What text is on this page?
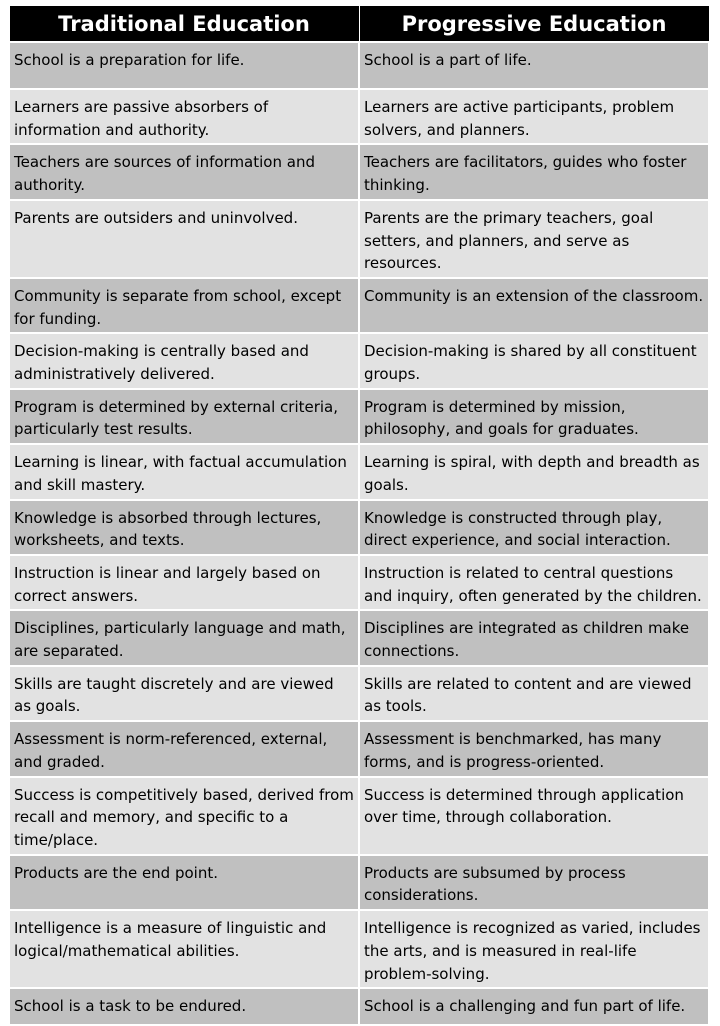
Traditional Education	Progressive Education
School is a preparation for life.	School is a part of life.
Learners are passive absorbers of information and authority.	Learners are active participants, problem solvers, and planners.
Teachers are sources of information and authority.	Teachers are facilitators, guides who foster thinking.
Parents are outsiders and uninvolved.	Parents are the primary teachers, goal setters, and planners, and serve as resources.
Community is separate from school, except for funding.	Community is an extension of the classroom.
Decision-making is centrally based and administratively delivered.	Decision-making is shared by all constituent groups.
Program is determined by external criteria, particularly test results.	Program is determined by mission, philosophy, and goals for graduates.
Learning is linear, with factual accumulation and skill mastery.	Learning is spiral, with depth and breadth as goals.
Knowledge is absorbed through lectures, worksheets, and texts.	Knowledge is constructed through play, direct experience, and social interaction.
Instruction is linear and largely based on correct answers.	Instruction is related to central questions and inquiry, often generated by the children.
Disciplines, particularly language and math, are separated.	Disciplines are integrated as children make connections.
Skills are taught discretely and are viewed as goals.	Skills are related to content and are viewed as tools.
Assessment is norm-referenced, external, and graded.	Assessment is benchmarked, has many forms, and is progress-oriented.
Success is competitively based, derived from recall and memory, and specific to a time/place.	Success is determined through application over time, through collaboration.
Products are the end point.	Products are subsumed by process considerations.
Intelligence is a measure of linguistic and logical/mathematical abilities.	Intelligence is recognized as varied, includes the arts, and is measured in real-life problem-solving.
School is a task to be endured.	School is a challenging and fun part of life.
